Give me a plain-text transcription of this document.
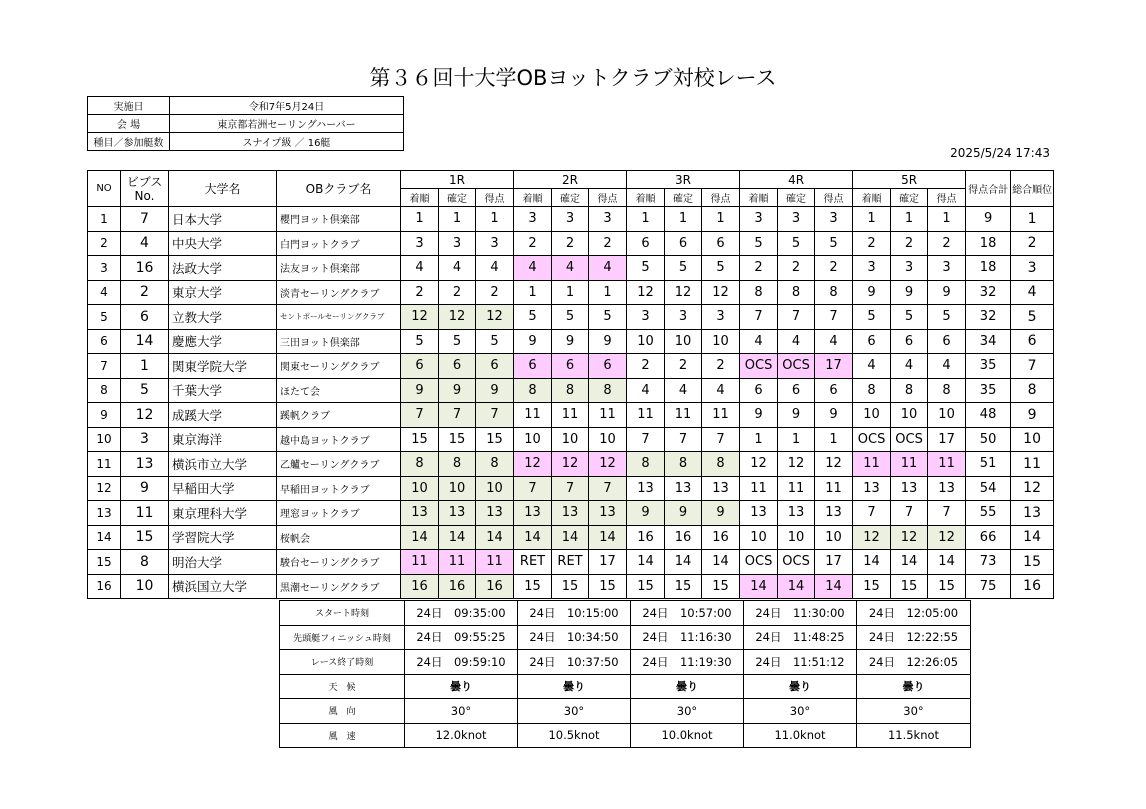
第３６回十大学OBヨットクラブ対校レース
実施日	令和7年5月24日
会 場	東京都若洲セーリングハーバー
種目／参加艇数	スナイプ級 ／ 16艇
2025/5/24 17:43
NO	ビブス No.	大学名	OBクラブ名	1R			2R			3R			4R			5R			得点合計	総合順位
				着順	確定	得点	着順	確定	得点	着順	確定	得点	着順	確定	得点	着順	確定	得点		
1	7	日本大学	櫻門ヨット倶楽部	1	1	1	3	3	3	1	1	1	3	3	3	1	1	1	9	1
2	4	中央大学	白門ヨットクラブ	3	3	3	2	2	2	6	6	6	5	5	5	2	2	2	18	2
3	16	法政大学	法友ヨット倶楽部	4	4	4	4	4	4	5	5	5	2	2	2	3	3	3	18	3
4	2	東京大学	淡青セーリングクラブ	2	2	2	1	1	1	12	12	12	8	8	8	9	9	9	32	4
5	6	立教大学	セントポールセーリングクラブ	12	12	12	5	5	5	3	3	3	7	7	7	5	5	5	32	5
6	14	慶應大学	三田ヨット倶楽部	5	5	5	9	9	9	10	10	10	4	4	4	6	6	6	34	6
7	1	関東学院大学	関東セーリングクラブ	6	6	6	6	6	6	2	2	2	OCS	OCS	17	4	4	4	35	7
8	5	千葉大学	ほたて会	9	9	9	8	8	8	4	4	4	6	6	6	8	8	8	35	8
9	12	成蹊大学	蹊帆クラブ	7	7	7	11	11	11	11	11	11	9	9	9	10	10	10	48	9
10	3	東京海洋	越中島ヨットクラブ	15	15	15	10	10	10	7	7	7	1	1	1	OCS	OCS	17	50	10
11	13	横浜市立大学	乙艫セーリングクラブ	8	8	8	12	12	12	8	8	8	12	12	12	11	11	11	51	11
12	9	早稲田大学	早稲田ヨットクラブ	10	10	10	7	7	7	13	13	13	11	11	11	13	13	13	54	12
13	11	東京理科大学	理窓ヨットクラブ	13	13	13	13	13	13	9	9	9	13	13	13	7	7	7	55	13
14	15	学習院大学	桜帆会	14	14	14	14	14	14	16	16	16	10	10	10	12	12	12	66	14
15	8	明治大学	駿台セーリングクラブ	11	11	11	RET	RET	17	14	14	14	OCS	OCS	17	14	14	14	73	15
16	10	横浜国立大学	黒潮セーリングクラブ	16	16	16	15	15	15	15	15	15	14	14	14	15	15	15	75	16
スタート時刻	24日　09:35:00	24日　10:15:00	24日　10:57:00	24日　11:30:00	24日　12:05:00
先頭艇フィニッシュ時刻	24日　09:55:25	24日　10:34:50	24日　11:16:30	24日　11:48:25	24日　12:22:55
レース終了時刻	24日　09:59:10	24日　10:37:50	24日　11:19:30	24日　11:51:12	24日　12:26:05
天　候	曇り	曇り	曇り	曇り	曇り
風　向	30°	30°	30°	30°	30°
風　速	12.0knot	10.5knot	10.0knot	11.0knot	11.5knot
